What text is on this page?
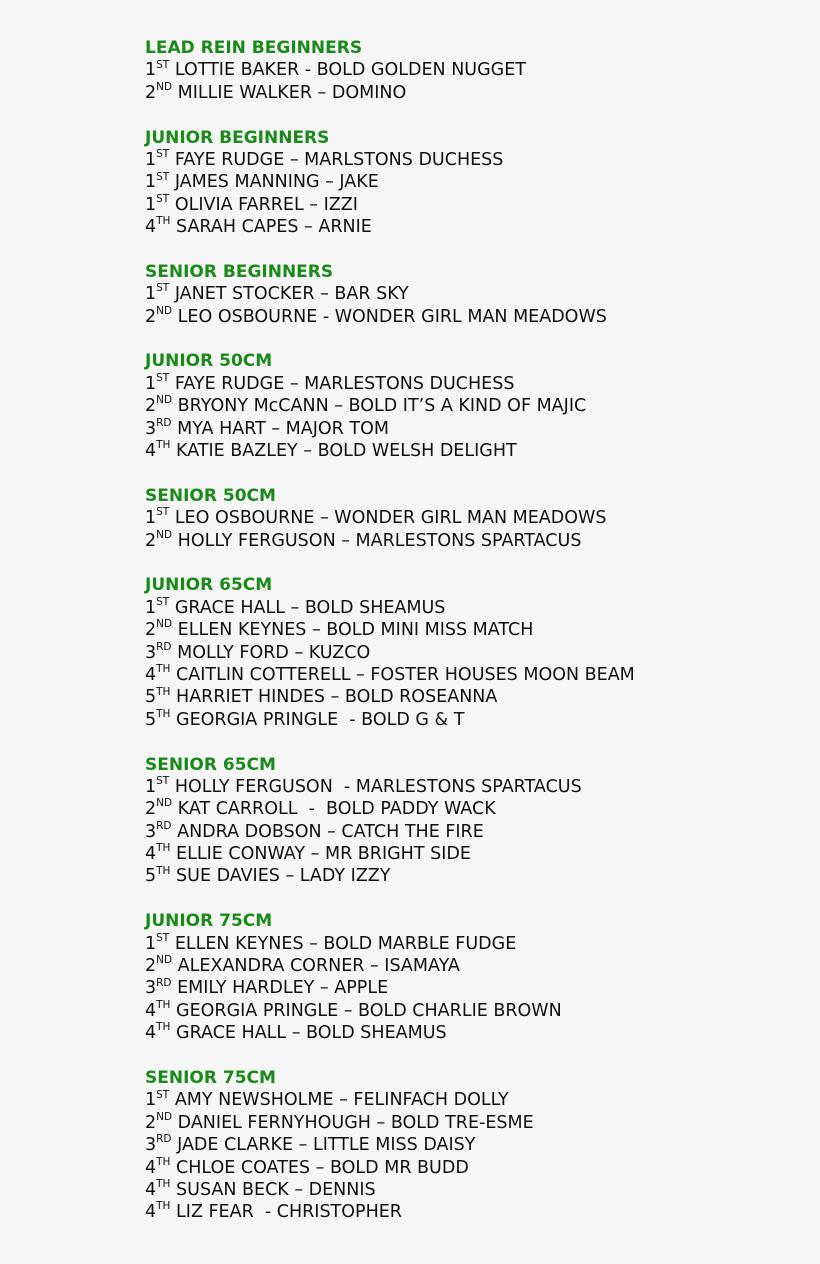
LEAD REIN BEGINNERS
1ST LOTTIE BAKER - BOLD GOLDEN NUGGET
2ND MILLIE WALKER – DOMINO
JUNIOR BEGINNERS
1ST FAYE RUDGE – MARLSTONS DUCHESS
1ST JAMES MANNING – JAKE
1ST OLIVIA FARREL – IZZI
4TH SARAH CAPES – ARNIE
SENIOR BEGINNERS
1ST JANET STOCKER – BAR SKY
2ND LEO OSBOURNE - WONDER GIRL MAN MEADOWS
JUNIOR 50CM
1ST FAYE RUDGE – MARLESTONS DUCHESS
2ND BRYONY McCANN – BOLD IT’S A KIND OF MAJIC
3RD MYA HART – MAJOR TOM
4TH KATIE BAZLEY – BOLD WELSH DELIGHT
SENIOR 50CM
1ST LEO OSBOURNE – WONDER GIRL MAN MEADOWS
2ND HOLLY FERGUSON – MARLESTONS SPARTACUS
JUNIOR 65CM
1ST GRACE HALL – BOLD SHEAMUS
2ND ELLEN KEYNES – BOLD MINI MISS MATCH
3RD MOLLY FORD – KUZCO
4TH CAITLIN COTTERELL – FOSTER HOUSES MOON BEAM
5TH HARRIET HINDES – BOLD ROSEANNA
5TH GEORGIA PRINGLE  - BOLD G & T
SENIOR 65CM
1ST HOLLY FERGUSON  - MARLESTONS SPARTACUS
2ND KAT CARROLL  -  BOLD PADDY WACK
3RD ANDRA DOBSON – CATCH THE FIRE
4TH ELLIE CONWAY – MR BRIGHT SIDE
5TH SUE DAVIES – LADY IZZY
JUNIOR 75CM
1ST ELLEN KEYNES – BOLD MARBLE FUDGE
2ND ALEXANDRA CORNER – ISAMAYA
3RD EMILY HARDLEY – APPLE
4TH GEORGIA PRINGLE – BOLD CHARLIE BROWN
4TH GRACE HALL – BOLD SHEAMUS
SENIOR 75CM
1ST AMY NEWSHOLME – FELINFACH DOLLY
2ND DANIEL FERNYHOUGH – BOLD TRE-ESME
3RD JADE CLARKE – LITTLE MISS DAISY
4TH CHLOE COATES – BOLD MR BUDD
4TH SUSAN BECK – DENNIS
4TH LIZ FEAR  - CHRISTOPHER
